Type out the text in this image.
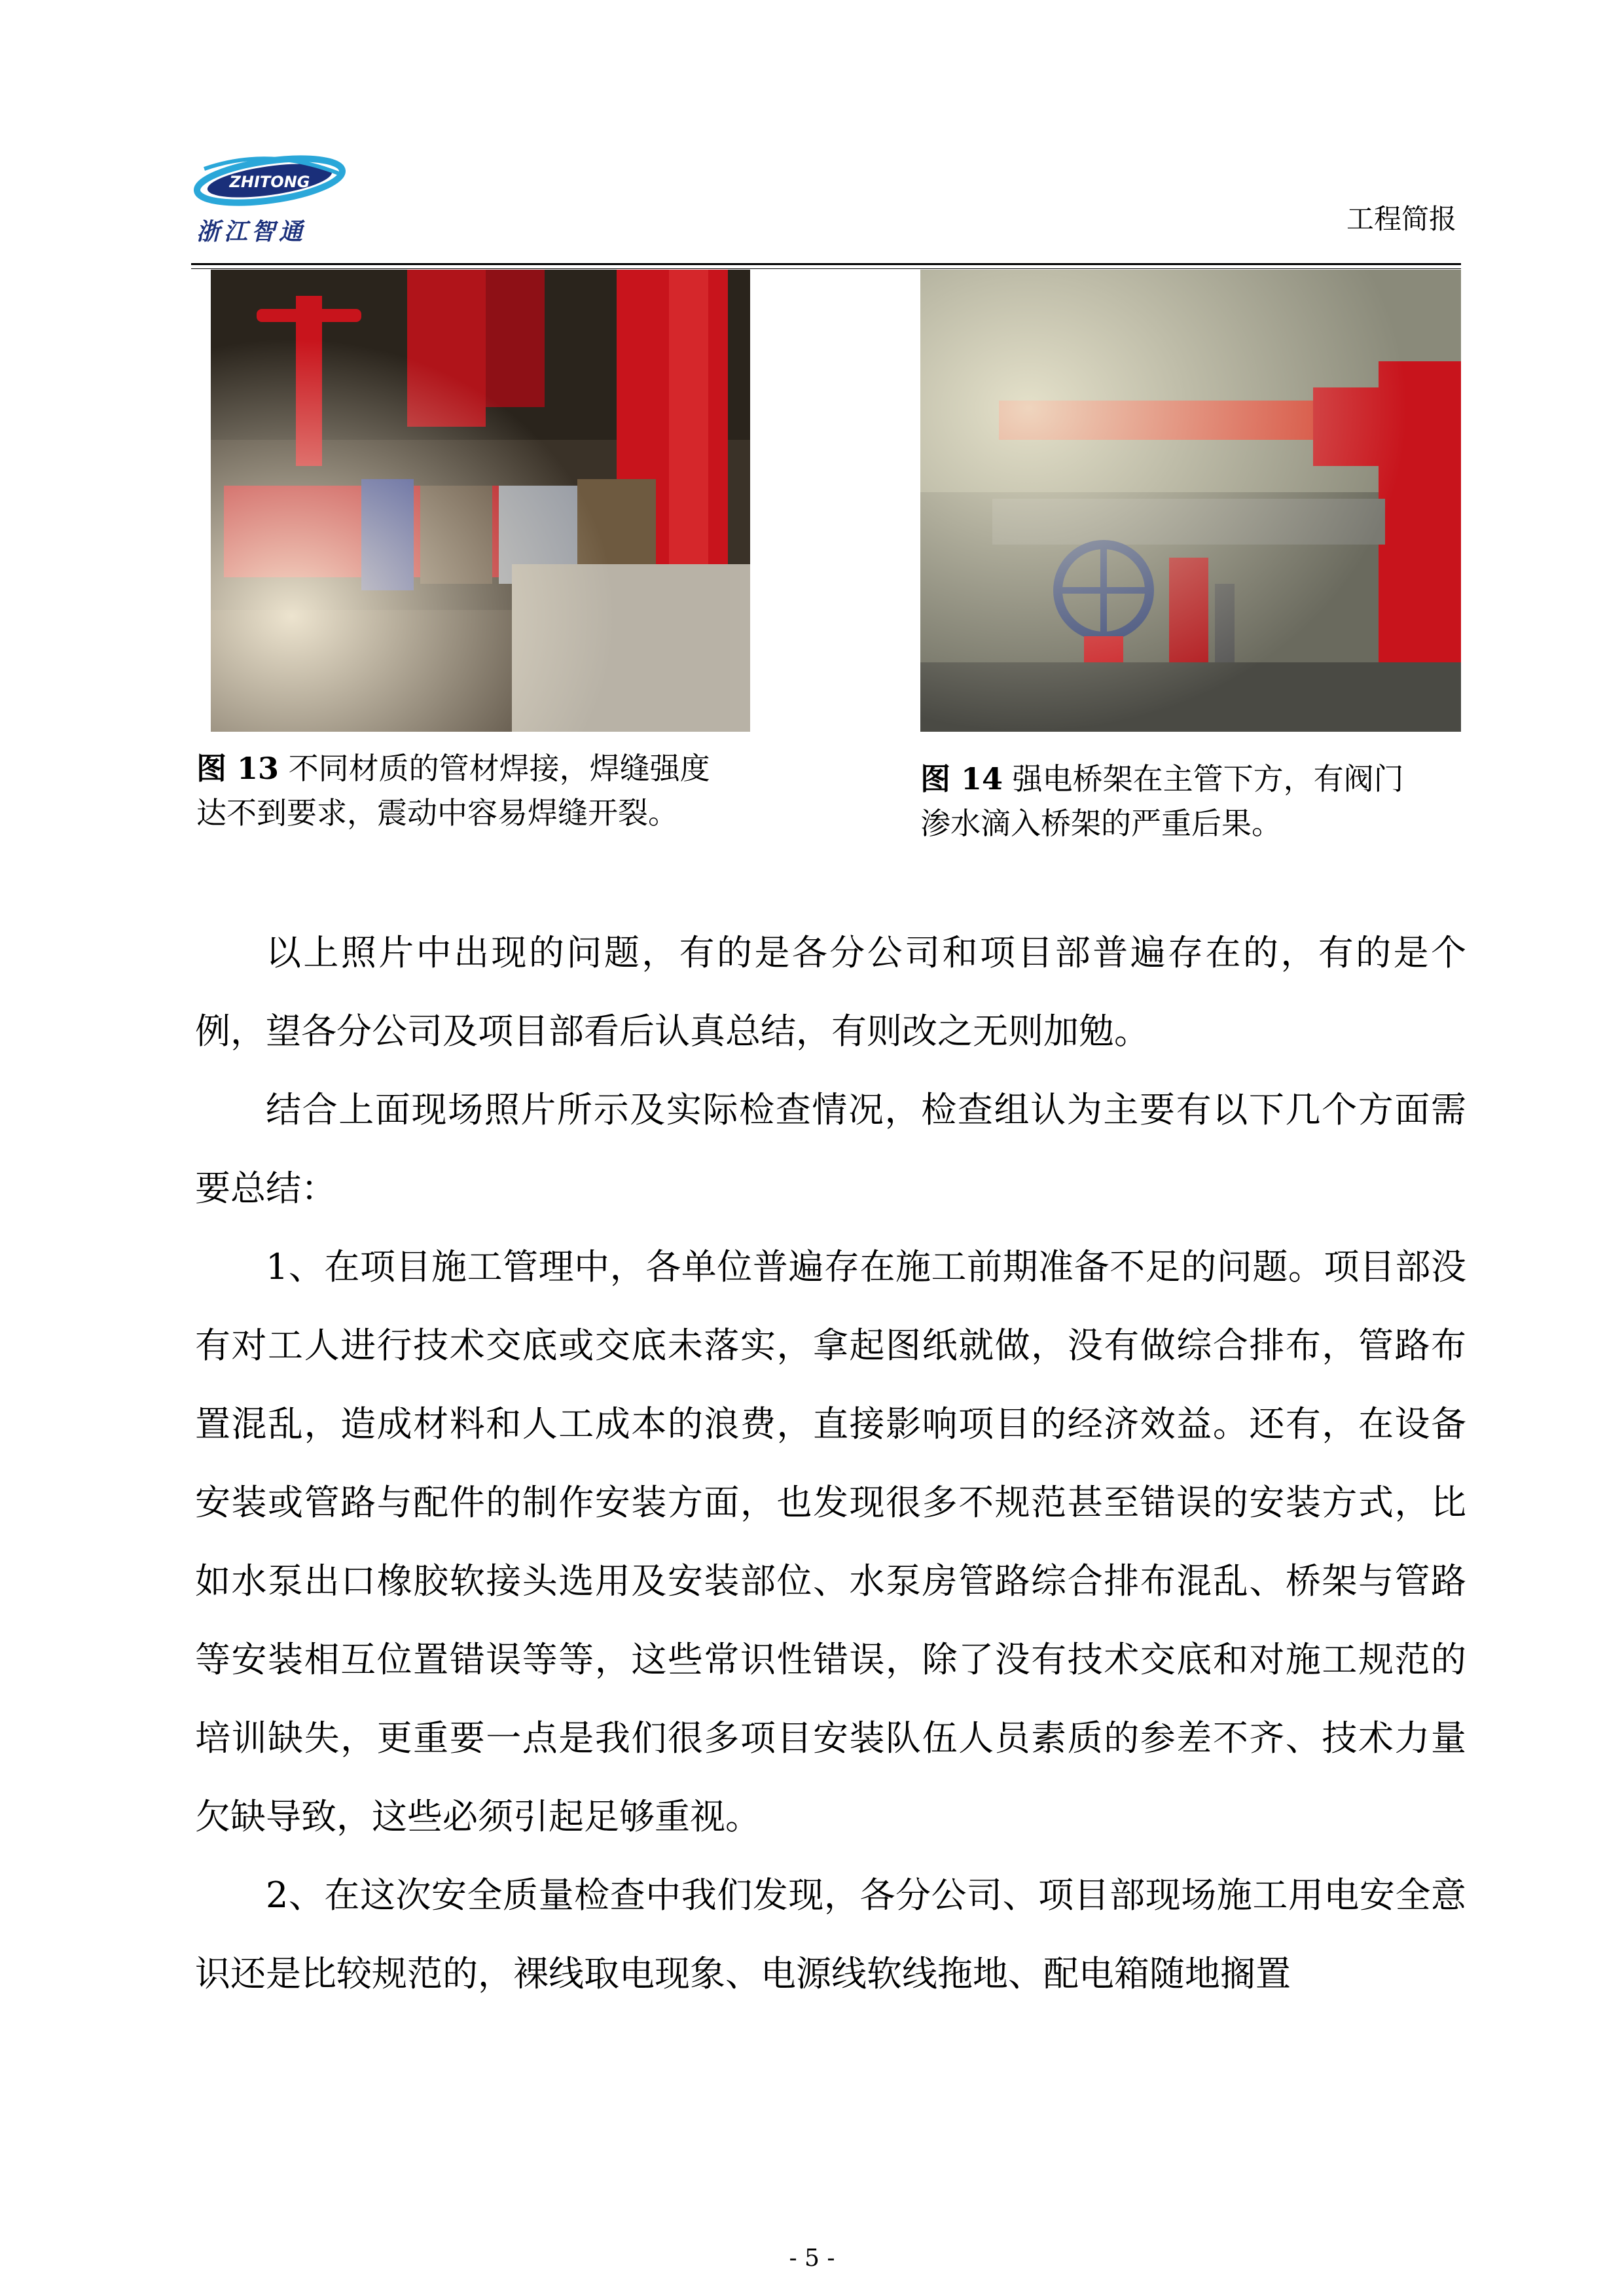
ZHITONG
浙江智通	工程简报
图 13 不同材质的管材焊接，焊缝强度
达不到要求，震动中容易焊缝开裂。
图 14 强电桥架在主管下方，有阀门
渗水滴入桥架的严重后果。

以上照片中出现的问题，有的是各分公司和项目部普遍存在的，有的是个例，望各分公司及项目部看后认真总结，有则改之无则加勉。

结合上面现场照片所示及实际检查情况，检查组认为主要有以下几个方面需要总结：

1、在项目施工管理中，各单位普遍存在施工前期准备不足的问题。项目部没有对工人进行技术交底或交底未落实，拿起图纸就做，没有做综合排布，管路布置混乱，造成材料和人工成本的浪费，直接影响项目的经济效益。还有，在设备安装或管路与配件的制作安装方面，也发现很多不规范甚至错误的安装方式，比如水泵出口橡胶软接头选用及安装部位、水泵房管路综合排布混乱、桥架与管路等安装相互位置错误等等，这些常识性错误，除了没有技术交底和对施工规范的培训缺失，更重要一点是我们很多项目安装队伍人员素质的参差不齐、技术力量欠缺导致，这些必须引起足够重视。

2、在这次安全质量检查中我们发现，各分公司、项目部现场施工用电安全意识还是比较规范的，裸线取电现象、电源线软线拖地、配电箱随地搁置

- 5 -
